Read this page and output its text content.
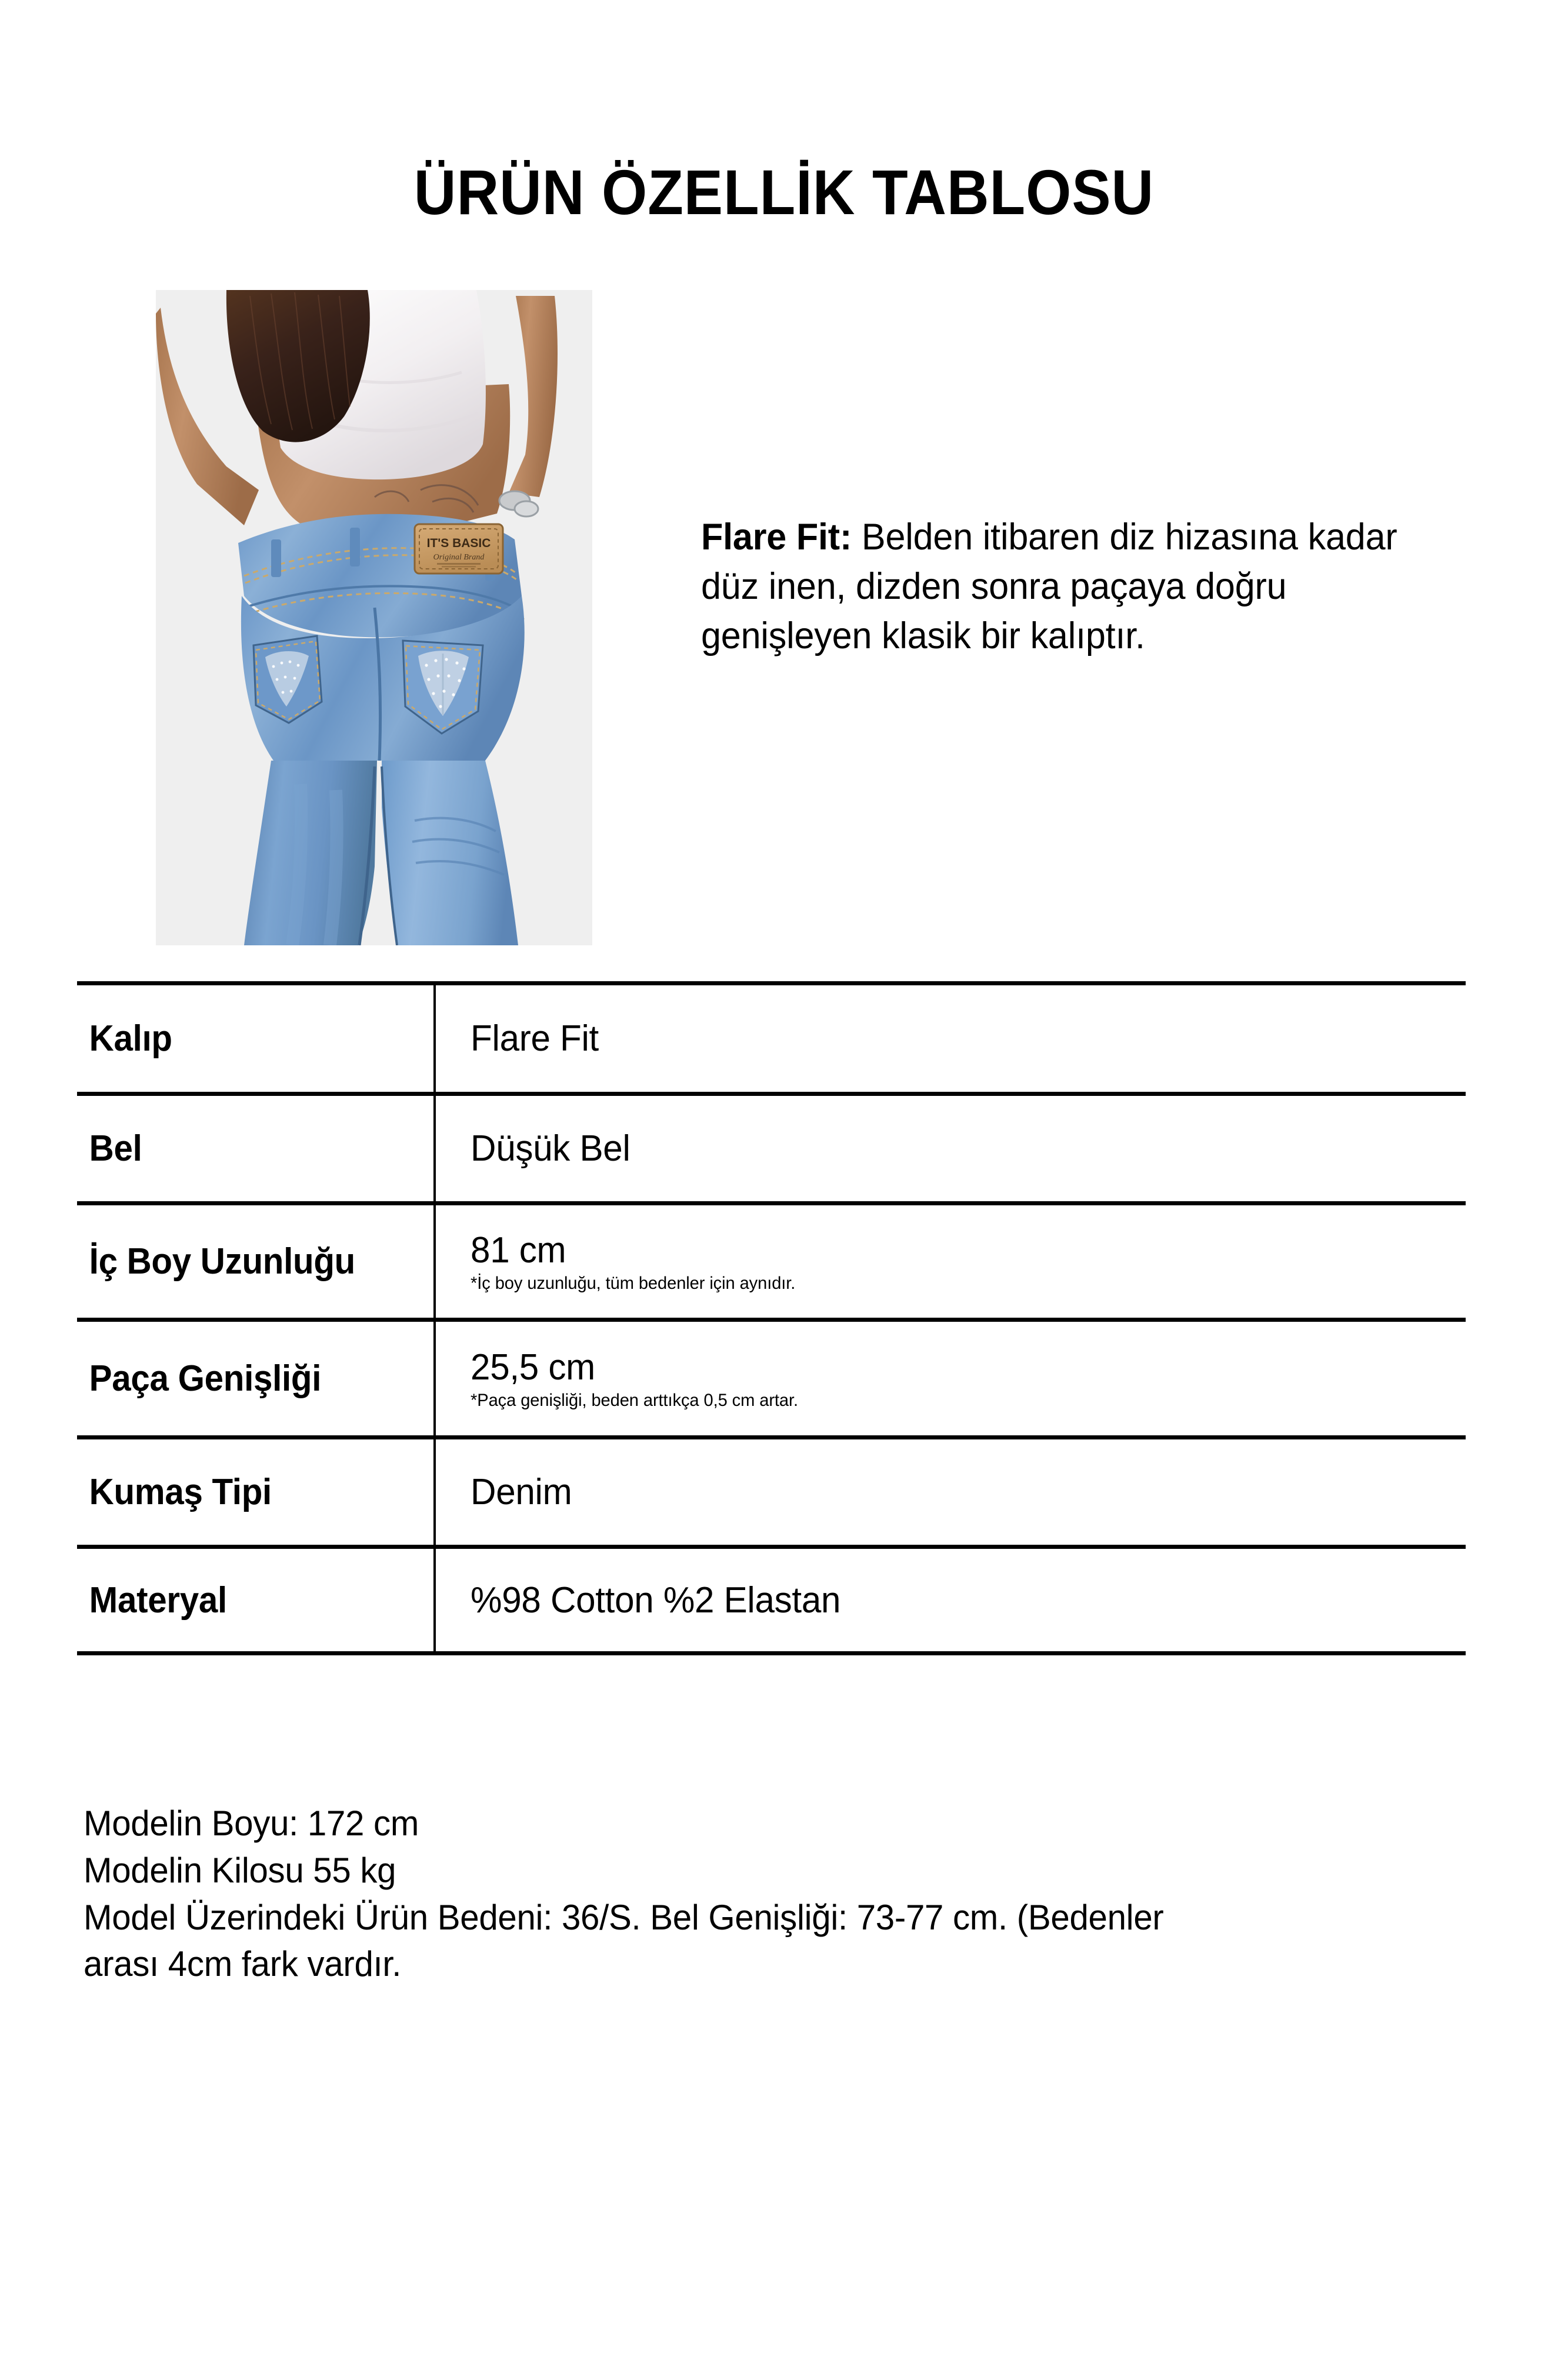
ÜRÜN ÖZELLİK TABLOSU
IT'S BASIC
Original Brand	Flare Fit: Belden itibaren diz hizasına kadar düz inen, dizden sonra paçaya doğru genişleyen klasik bir kalıptır.
Kalıp	Flare Fit
Bel	Düşük Bel
İç Boy Uzunluğu	81 cm
*İç boy uzunluğu, tüm bedenler için aynıdır.
Paça Genişliği	25,5 cm
*Paça genişliği, beden arttıkça 0,5 cm artar.
Kumaş Tipi	Denim
Materyal	%98 Cotton %2 Elastan
Modelin Boyu: 172 cm
Modelin Kilosu 55 kg
Model Üzerindeki Ürün Bedeni: 36/S. Bel Genişliği: 73-77 cm. (Bedenler
arası 4cm fark vardır.
